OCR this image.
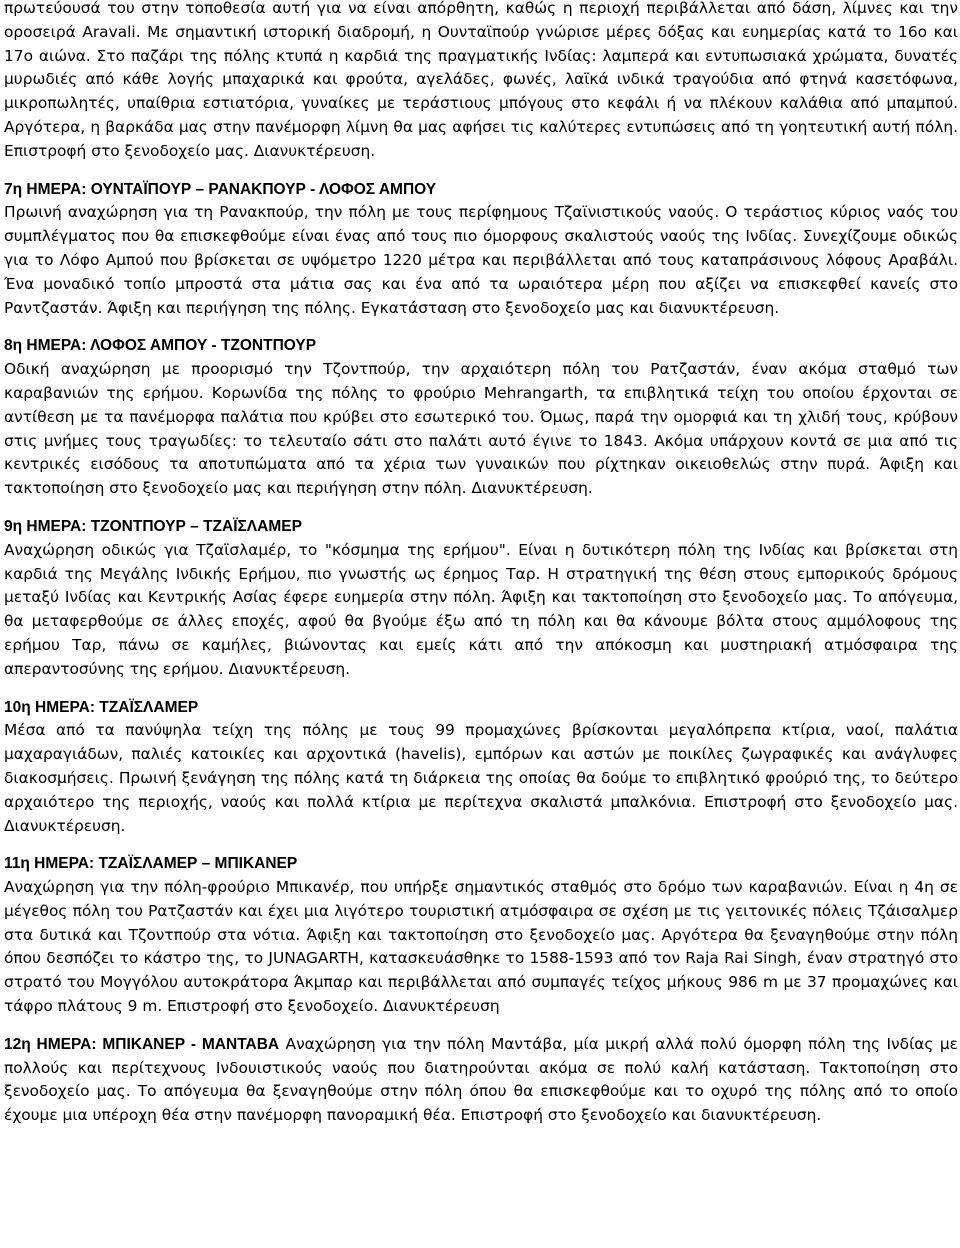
πρωτεύουσά του στην τοποθεσία αυτή για να είναι απόρθητη, καθώς η περιοχή περιβάλλεται από δάση, λίμνες και την οροσειρά Aravali. Με σημαντική ιστορική διαδρομή, η Ουνταϊπούρ γνώρισε μέρες δόξας και ευημερίας κατά το 16ο και 17ο αιώνα. Στο παζάρι της πόλης κτυπά η καρδιά της πραγματικής Ινδίας: λαμπερά και εντυπωσιακά χρώματα, δυνατές μυρωδιές από κάθε λογής μπαχαρικά και φρούτα, αγελάδες, φωνές, λαϊκά ινδικά τραγούδια από φτηνά κασετόφωνα, μικροπωλητές, υπαίθρια εστιατόρια, γυναίκες με τεράστιους μπόγους στο κεφάλι ή να πλέκουν καλάθια από μπαμπού. Αργότερα, η βαρκάδα μας στην πανέμορφη λίμνη θα μας αφήσει τις καλύτερες εντυπώσεις από τη γοητευτική αυτή πόλη. Επιστροφή στο ξενοδοχείο μας. Διανυκτέρευση.

7η ΗΜΕΡΑ: ΟΥΝΤΑΪΠΟΥΡ – ΡΑΝΑΚΠΟΥΡ - ΛΟΦΟΣ ΑΜΠΟΥ

Πρωινή αναχώρηση για τη Ρανακπούρ, την πόλη με τους περίφημους Τζαϊνιστικούς ναούς. Ο τεράστιος κύριος ναός του συμπλέγματος που θα επισκεφθούμε είναι ένας από τους πιο όμορφους σκαλιστούς ναούς της Ινδίας. Συνεχίζουμε οδικώς για το Λόφο Αμπού που βρίσκεται σε υψόμετρο 1220 μέτρα και περιβάλλεται από τους καταπράσινους λόφους Αραβάλι. Ένα μοναδικό τοπίο μπροστά στα μάτια σας και ένα από τα ωραιότερα μέρη που αξίζει να επισκεφθεί κανείς στο Ραντζαστάν. Άφιξη και περιήγηση της πόλης. Εγκατάσταση στο ξενοδοχείο μας και διανυκτέρευση.

8η ΗΜΕΡΑ: ΛΟΦΟΣ ΑΜΠΟΥ - ΤΖΟΝΤΠΟΥΡ

Οδική αναχώρηση με προορισμό την Τζοντπούρ, την αρχαιότερη πόλη του Ρατζαστάν, έναν ακόμα σταθμό των καραβανιών της ερήμου. Κορωνίδα της πόλης το φρούριο Mehrangarth, τα επιβλητικά τείχη του οποίου έρχονται σε αντίθεση με τα πανέμορφα παλάτια που κρύβει στο εσωτερικό του. Όμως, παρά την ομορφιά και τη χλιδή τους, κρύβουν στις μνήμες τους τραγωδίες: το τελευταίο σάτι στο παλάτι αυτό έγινε το 1843. Ακόμα υπάρχουν κοντά σε μια από τις κεντρικές εισόδους τα αποτυπώματα από τα χέρια των γυναικών που ρίχτηκαν οικειοθελώς στην πυρά. Άφιξη και τακτοποίηση στο ξενοδοχείο μας και περιήγηση στην πόλη. Διανυκτέρευση.

9η ΗΜΕΡΑ: ΤΖΟΝΤΠΟΥΡ – ΤΖΑΪΣΛΑΜΕΡ

Αναχώρηση οδικώς για Τζαϊσλαμέρ, το "κόσμημα της ερήμου". Είναι η δυτικότερη πόλη της Ινδίας και βρίσκεται στη καρδιά της Μεγάλης Ινδικής Ερήμου, πιο γνωστής ως έρημος Ταρ. Η στρατηγική της θέση στους εμπορικούς δρόμους μεταξύ Ινδίας και Κεντρικής Ασίας έφερε ευημερία στην πόλη. Άφιξη και τακτοποίηση στο ξενοδοχείο μας. Το απόγευμα, θα μεταφερθούμε σε άλλες εποχές, αφού θα βγούμε έξω από τη πόλη και θα κάνουμε βόλτα στους αμμόλοφους της ερήμου Ταρ, πάνω σε καμήλες, βιώνοντας και εμείς κάτι από την απόκοσμη και μυστηριακή ατμόσφαιρα της απεραντοσύνης της ερήμου. Διανυκτέρευση.

10η ΗΜΕΡΑ: ΤΖΑΪΣΛΑΜΕΡ

Μέσα από τα πανύψηλα τείχη της πόλης με τους 99 προμαχώνες βρίσκονται μεγαλόπρεπα κτίρια, ναοί, παλάτια μαχαραγιάδων, παλιές κατοικίες και αρχοντικά (havelis), εμπόρων και αστών με ποικίλες ζωγραφικές και ανάγλυφες διακοσμήσεις. Πρωινή ξενάγηση της πόλης κατά τη διάρκεια της οποίας θα δούμε το επιβλητικό φρούριό της, το δεύτερο αρχαιότερο της περιοχής, ναούς και πολλά κτίρια με περίτεχνα σκαλιστά μπαλκόνια. Επιστροφή στο ξενοδοχείο μας. Διανυκτέρευση.

11η ΗΜΕΡΑ: ΤΖΑΪΣΛΑΜΕΡ – ΜΠΙΚΑΝΕΡ

Αναχώρηση για την πόλη-φρούριο Μπικανέρ, που υπήρξε σημαντικός σταθμός στο δρόμο των καραβανιών. Είναι η 4η σε μέγεθος πόλη του Ρατζαστάν και έχει μια λιγότερο τουριστική ατμόσφαιρα σε σχέση με τις γειτονικές πόλεις Τζάισαλμερ στα δυτικά και Τζοντπούρ στα νότια. Άφιξη και τακτοποίηση στο ξενοδοχείο μας. Αργότερα θα ξεναγηθούμε στην πόλη όπου δεσπόζει το κάστρο της, το JUNAGARTH, κατασκευάσθηκε το 1588-1593 από τον Raja Rai Singh, έναν στρατηγό στο στρατό του Μογγόλου αυτοκράτορα Άκμπαρ και περιβάλλεται από συμπαγές τείχος μήκους 986 m με 37 προμαχώνες και τάφρο πλάτους 9 m. Επιστροφή στο ξενοδοχείο. Διανυκτέρευση

12η ΗΜΕΡΑ: ΜΠΙΚΑΝΕΡ - ΜΑΝΤΑΒΑ Αναχώρηση για την πόλη Μαντάβα, μία μικρή αλλά πολύ όμορφη πόλη της Ινδίας με πολλούς και περίτεχνους Ινδουιστικούς ναούς που διατηρούνται ακόμα σε πολύ καλή κατάσταση. Τακτοποίηση στο ξενοδοχείο μας. Το απόγευμα θα ξεναγηθούμε στην πόλη όπου θα επισκεφθούμε και το οχυρό της πόλης από το οποίο έχουμε μια υπέροχη θέα στην πανέμορφη πανοραμική θέα. Επιστροφή στο ξενοδοχείο και διανυκτέρευση.
